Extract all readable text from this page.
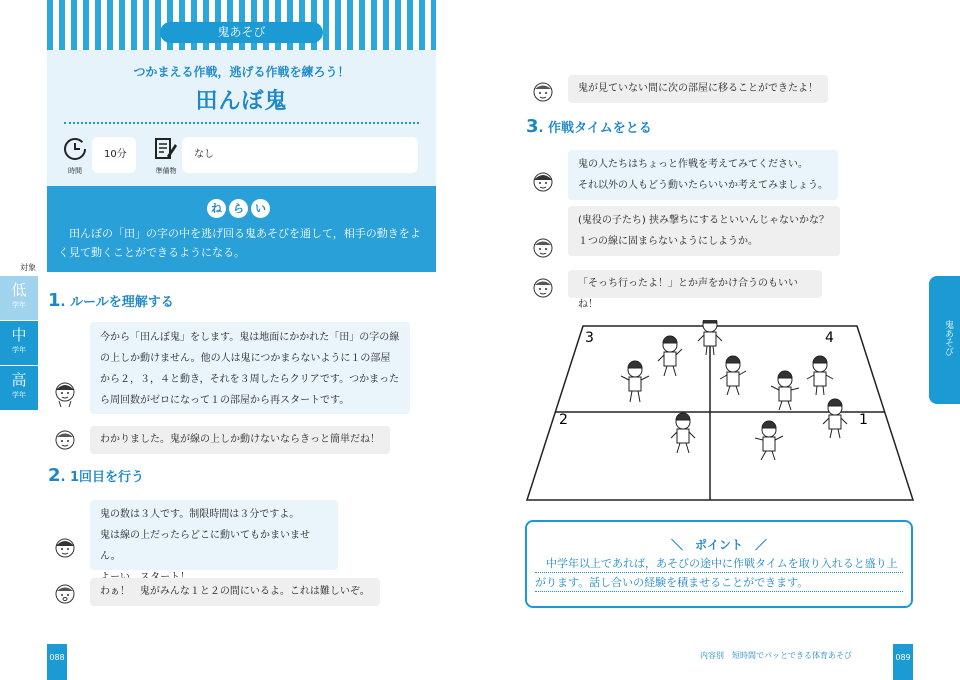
鬼あそび
つかまえる作戦，逃げる作戦を練ろう！
田んぼ鬼
時間
10分
準備物
なし
ね	ら	い
田んぼの「田」の字の中を逃げ回る鬼あそびを通して，相手の動きをよく見て動くことができるようになる。
対象
低
学年
中
学年
高
学年
1. ルールを理解する
今から「田んぼ鬼」をします。鬼は地面にかかれた「田」の字の線の上しか動けません。他の人は鬼につかまらないように１の部屋から２，３，４と動き，それを３周したらクリアです。つかまったら周回数がゼロになって１の部屋から再スタートです。
わかりました。鬼が線の上しか動けないならきっと簡単だね！
2. 1回目を行う
鬼の数は３人です。制限時間は３分ですよ。
鬼は線の上だったらどこに動いてもかまいません。
わぁ！　鬼がみんな１と２の間にいるよ。これは難しいぞ。
鬼が見ていない間に次の部屋に移ることができたよ！
3. 作戦タイムをとる
鬼の人たちはちょっと作戦を考えてみてください。
それ以外の人もどう動いたらいいか考えてみましょう。
(鬼役の子たち) 挟み撃ちにするといいんじゃないかな？
１つの線に固まらないようにしようか。
「そっち行ったよ！」とか声をかけ合うのもいいね！
3	4
2	1
＼　ポイント　／
中学年以上であれば，あそびの途中に作戦タイムを取り入れると盛り上がります。話し合いの経験を積ませることができます。
鬼あそび
088	内容別　短時間でパッとできる体育あそび	089
